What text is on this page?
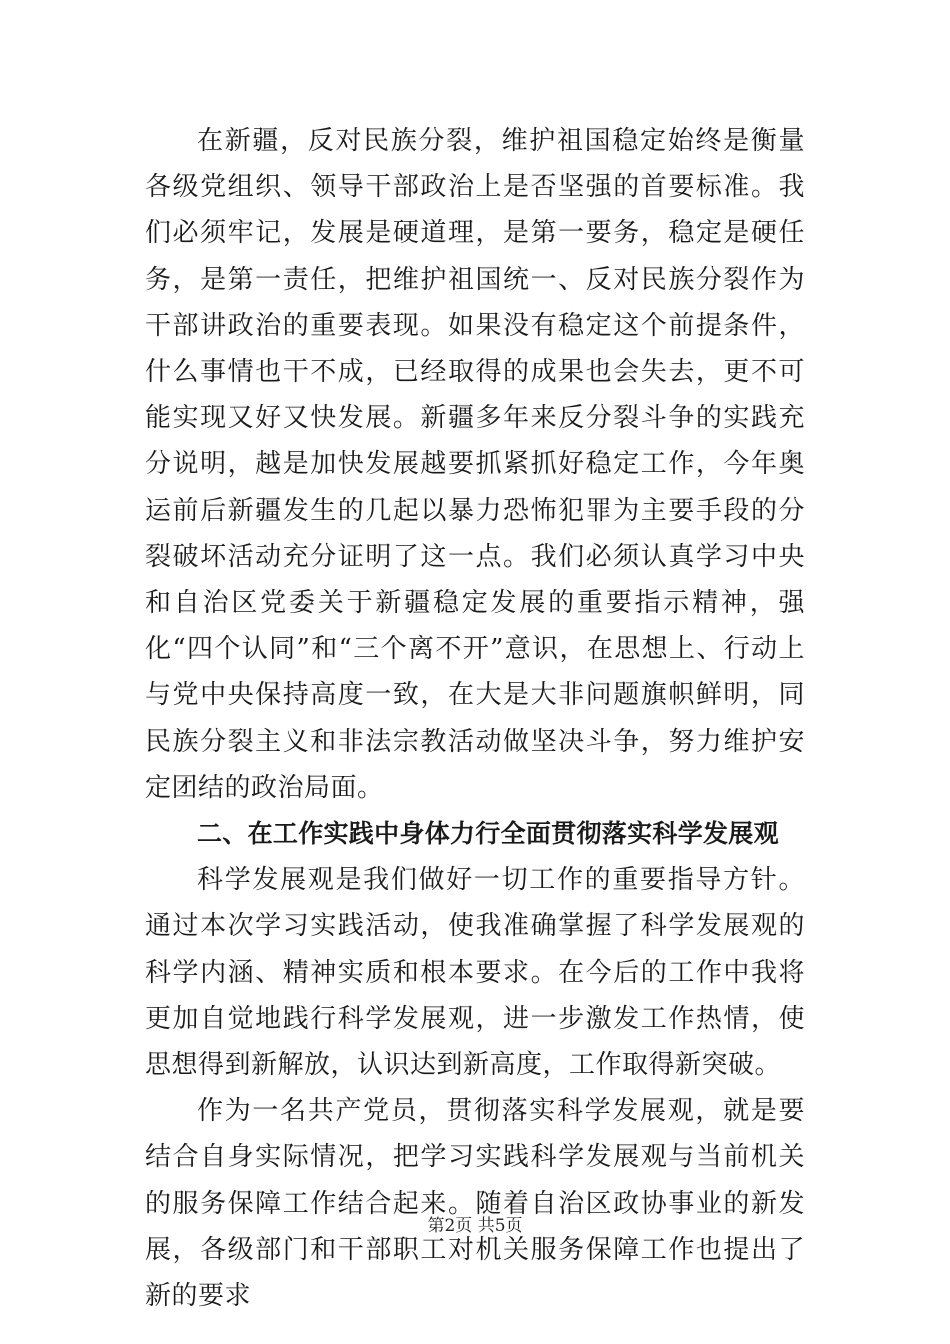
在新疆，反对民族分裂，维护祖国稳定始终是衡量各级党组织、领导干部政治上是否坚强的首要标准。我们必须牢记，发展是硬道理，是第一要务，稳定是硬任务，是第一责任，把维护祖国统一、反对民族分裂作为干部讲政治的重要表现。如果没有稳定这个前提条件，什么事情也干不成，已经取得的成果也会失去，更不可能实现又好又快发展。新疆多年来反分裂斗争的实践充分说明，越是加快发展越要抓紧抓好稳定工作，今年奥运前后新疆发生的几起以暴力恐怖犯罪为主要手段的分裂破坏活动充分证明了这一点。我们必须认真学习中央和自治区党委关于新疆稳定发展的重要指示精神，强化“四个认同”和“三个离不开”意识，在思想上、行动上与党中央保持高度一致，在大是大非问题旗帜鲜明，同民族分裂主义和非法宗教活动做坚决斗争，努力维护安定团结的政治局面。

二、在工作实践中身体力行全面贯彻落实科学发展观

科学发展观是我们做好一切工作的重要指导方针。通过本次学习实践活动，使我准确掌握了科学发展观的科学内涵、精神实质和根本要求。在今后的工作中我将更加自觉地践行科学发展观，进一步激发工作热情，使思想得到新解放，认识达到新高度，工作取得新突破。

作为一名共产党员，贯彻落实科学发展观，就是要结合自身实际情况，把学习实践科学发展观与当前机关的服务保障工作结合起来。随着自治区政协事业的新发展，各级部门和干部职工对机关服务保障工作也提出了新的要求

第2页 共5页
